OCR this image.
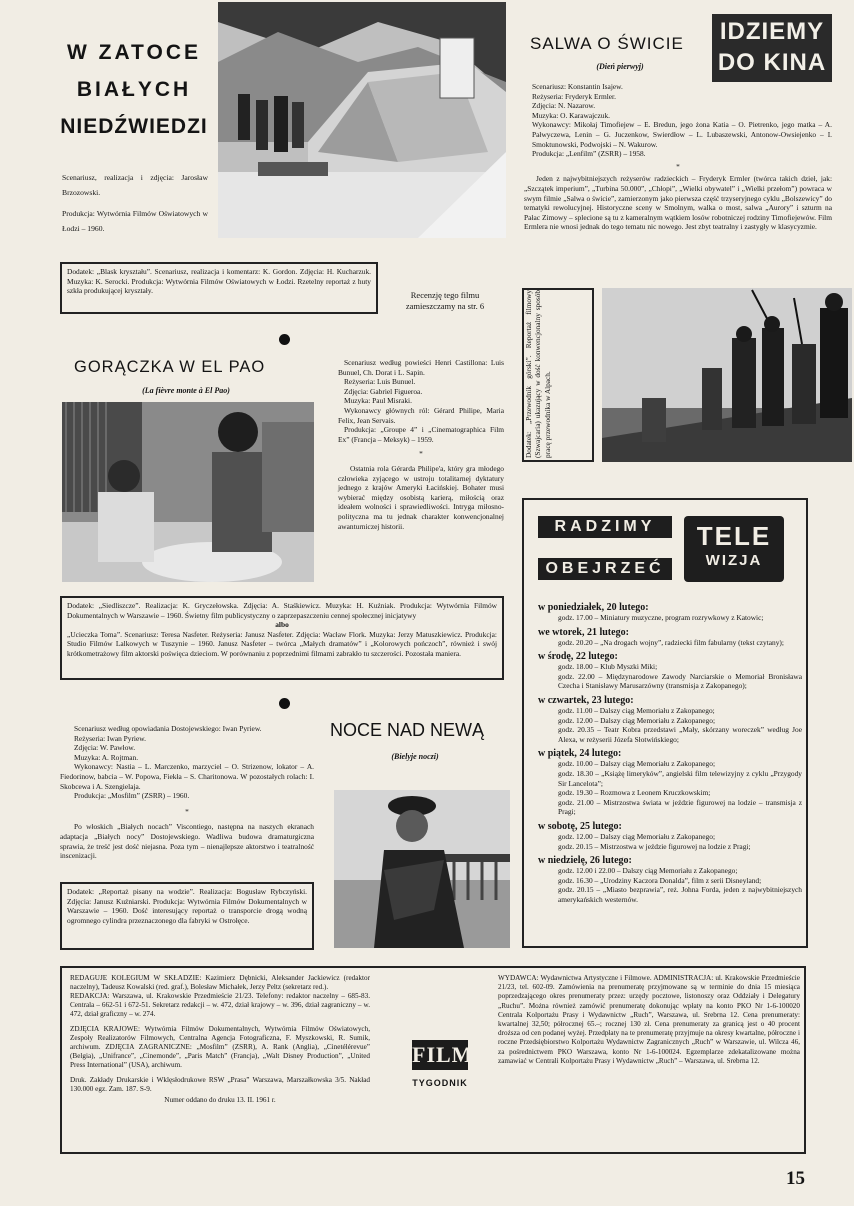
W ZATOCE
BIAŁYCH
NIEDŹWIEDZI
Scenariusz, realizacja i zdjęcia: Jarosław Brzozowski.
Produkcja: Wytwórnia Filmów Oświatowych w Łodzi – 1960.
IDZIEMY
DO KINA
SALWA O ŚWICIE
(Dień pierwyj)
Scenariusz: Konstantin Isajew.
Reżyseria: Fryderyk Ermler.
Zdjęcia: N. Nazarow.
Muzyka: O. Karawajczuk.
Wykonawcy: Mikołaj Timofiejew – E. Bredun, jego żona Katia – O. Pietrenko, jego matka – A. Pałwyczewa, Lenin – G. Juczenkow, Swierdłow – L. Lubaszewski, Antonow-Owsiejenko – I. Smoktunowski, Podwojski – N. Wakurow.
Produkcja: „Lenfilm” (ZSRR) – 1958.
*
Jeden z najwybitniejszych reżyserów radzieckich – Fryderyk Ermler (twórca takich dzieł, jak: „Szczątek imperium”, „Turbina 50.000”, „Chłopi”, „Wielki obywatel” i „Wielki przełom”) powraca w swym filmie „Salwa o świcie”, zamierzonym jako pierwsza część trzyseryjnego cyklu „Bolszewicy” do tematyki rewolucyjnej. Historyczne sceny w Smolnym, walka o most, salwa „Aurory” i szturm na Pałac Zimowy – splecione są tu z kameralnym wątkiem losów robotniczej rodziny Timofiejewów. Film Ermlera nie wnosi jednak do tego tematu nic nowego. Jest zbyt teatralny i zastygły w klasycyzmie.
Dodatek: „Blask kryształu”. Scenariusz, realizacja i komentarz: K. Gordon. Zdjęcia: H. Kucharzuk. Muzyka: K. Serocki. Produkcja: Wytwórnia Filmów Oświatowych w Łodzi. Rzetelny reportaż z huty szkła produkującej kryształy.	Recenzję tego filmu zamieszczamy na str. 6	Dodatek: „Przewodnik górski”. Reportaż filmowy (Szwajcaria) ukazujący w dość konwencjonalny sposób pracę przewodnika w Alpach.
GORĄCZKA W EL PAO
(La fièvre monte à El Pao)
Scenariusz według powieści Henri Castillona: Luis Bunuel, Ch. Dorat i L. Sapin.
Reżyseria: Luis Bunuel.
Zdjęcia: Gabriel Figueroa.
Muzyka: Paul Misraki.
Wykonawcy głównych ról: Gérard Philipe, Maria Felix, Jean Servais.
Produkcja: „Groupe 4” i „Cinematographica Film Ex” (Francja – Meksyk) – 1959.
*
Ostatnia rola Gérarda Philipe'a, który gra młodego człowieka zyjącego w ustroju totalitarnej dyktatury jednego z krajów Ameryki Łacińskiej. Bohater musi wybierać między osobistą karierą, miłością oraz ideałem wolności i sprawiedliwości. Intryga miłosno-polityczna ma tu jednak charakter konwencjonalnej awanturniczej historii.
Dodatek: „Siedliszcze”. Realizacja: K. Gryczełowska. Zdjęcia: A. Staśkiewicz. Muzyka: H. Kuźniak. Produkcja: Wytwórnia Filmów Dokumentalnych w Warszawie – 1960. Świetny film publicystyczny o zaprzepaszczeniu cennej społecznej inicjatywy
albo
„Ucieczka Toma”. Scenariusz: Teresa Nasfeter. Reżyseria: Janusz Nasfeter. Zdjęcia: Wacław Flork. Muzyka: Jerzy Matuszkiewicz. Produkcja: Studio Filmów Lalkowych w Tuszynie – 1960. Janusz Nasfeter – twórca „Małych dramatów” i „Kolorowych pończoch”, również i swój krótkometrażowy film aktorski poświęca dzieciom. W porównaniu z poprzednimi filmami zabrakło tu szczerości. Pozostała maniera.
Scenariusz według opowiadania Dostojewskiego: Iwan Pyriew.
Reżyseria: Iwan Pyriew.
Zdjęcia: W. Pawłow.
Muzyka: A. Rojtman.
Wykonawcy: Nastia – L. Marczenko, marzyciel – O. Strizenow, lokator – A. Fiedorinow, babcia – W. Popowa, Fiekła – S. Charitonowa. W pozostałych rolach: I. Skobcewa i A. Szengielaja.
Produkcja: „Mosfilm” (ZSRR) – 1960.
*
Po włoskich „Białych nocach” Viscontiego, następna na naszych ekranach adaptacja „Białych nocy” Dostojewskiego. Wadliwa budowa dramaturgiczna sprawia, że treść jest dość niejasna. Poza tym – nienajlepsze aktorstwo i teatralność inscenizacji.
Dodatek: „Reportaż pisany na wodzie”. Realizacja: Bogusław Rybczyński. Zdjęcia: Janusz Kuźniarski. Produkcja: Wytwórnia Filmów Dokumentalnych w Warszawie – 1960. Dość interesujący reportaż o transporcie drogą wodną ogromnego cylindra przeznaczonego dla fabryki w Ostrołęce.
NOCE NAD NEWĄ
(Bielyje noczi)
RADZIMY
OBEJRZEĆ
TELE
WIZJA
w poniedziałek, 20 lutego:
godz. 17.00 – Miniatury muzyczne, program rozrywkowy z Katowic;
we wtorek, 21 lutego:
godz. 20.20 – „Na drogach wojny”, radziecki film fabularny (tekst czytany);
w środę, 22 lutego:
godz. 18.00 – Klub Myszki Miki;
godz. 22.00 – Międzynarodowe Zawody Narciarskie o Memoriał Bronisława Czecha i Stanisławy Marusarzówny (transmisja z Zakopanego);
w czwartek, 23 lutego:
godz. 11.00 – Dalszy ciąg Memoriału z Zakopanego;
godz. 12.00 – Dalszy ciąg Memoriału z Zakopanego;
godz. 20.35 – Teatr Kobra przedstawi „Mały, skórzany woreczek” według Joe Alexa, w reżyserii Józefa Słotwińskiego;
w piątek, 24 lutego:
godz. 10.00 – Dalszy ciąg Memoriału z Zakopanego;
godz. 18.30 – „Książę limeryków”, angielski film telewizyjny z cyklu „Przygody Sir Lancelota”;
godz. 19.30 – Rozmowa z Leonem Kruczkowskim;
godz. 21.00 – Mistrzostwa świata w jeździe figurowej na lodzie – transmisja z Pragi;
w sobotę, 25 lutego:
godz. 12.00 – Dalszy ciąg Memoriału z Zakopanego;
godz. 20.15 – Mistrzostwa w jeździe figurowej na lodzie z Pragi;
w niedzielę, 26 lutego:
godz. 12.00 i 22.00 – Dalszy ciąg Memoriału z Zakopanego;
godz. 16.30 – „Urodziny Kaczora Donalda”, film z serii Disneyland;
godz. 20.15 – „Miasto bezprawia”, reż. Johna Forda, jeden z najwybitniejszych amerykańskich westernów.
REDAGUJE KOLEGIUM W SKŁADZIE: Kazimierz Dębnicki, Aleksander Jackiewicz (redaktor naczelny), Tadeusz Kowalski (red. graf.), Bolesław Michałek, Jerzy Peltz (sekretarz red.).
REDAKCJA: Warszawa, ul. Krakowskie Przedmieście 21/23. Telefony: redaktor naczelny – 685-83. Centrala – 662-51 i 672-51. Sekretarz redakcji – w. 472, dział krajowy – w. 396, dział zagraniczny – w. 472, dział graficzny – w. 274.
ZDJĘCIA KRAJOWE: Wytwórnia Filmów Dokumentalnych, Wytwórnia Filmów Oświatowych, Zespoły Realizatorów Filmowych, Centralna Agencja Fotograficzna, F. Myszkowski, R. Sumik, archiwum. ZDJĘCIA ZAGRANICZNE: „Mosfilm” (ZSRR), A. Rank (Anglia), „Cinetélérevue” (Belgia), „Unifrance”, „Cinemonde”, „Paris Match” (Francja), „Walt Disney Production”, „United Press International” (USA), archiwum.
Druk. Zakłady Drukarskie i Wklęsłodrukowe RSW „Prasa” Warszawa, Marszałkowska 3/5. Nakład 130.000 egz. Zam. 187. S-9.
Numer oddano do druku 13. II. 1961 r.
FILM
TYGODNIK
WYDAWCA: Wydawnictwa Artystyczne i Filmowe. ADMINISTRACJA: ul. Krakowskie Przedmieście 21/23, tel. 602-09. Zamówienia na prenumeratę przyjmowane są w terminie do dnia 15 miesiąca poprzedzającego okres prenumeraty przez: urzędy pocztowe, listonoszy oraz Oddziały i Delegatury „Ruchu”. Można również zamówić prenumeratę dokonując wpłaty na konto PKO Nr 1-6-100020 Centrala Kolportażu Prasy i Wydawnictw „Ruch”, Warszawa, ul. Srebrna 12. Cena prenumeraty: kwartalnej 32,50; półrocznej 65.–; rocznej 130 zł. Cena prenumeraty za granicą jest o 40 procent droższa od cen podanej wyżej. Przedpłaty na te prenumeratę przyjmuje na okresy kwartalne, półroczne i roczne Przedsiębiorstwo Kolportażu Wydawnictw Zagranicznych „Ruch” w Warszawie, ul. Wilcza 46, za pośrednictwem PKO Warszawa, konto Nr 1-6-100024. Egzemplarze zdekatalizowane można zamawiać w Centrali Kolportażu Prasy i Wydawnictw „Ruch” – Warszawa, ul. Srebrna 12.
15
